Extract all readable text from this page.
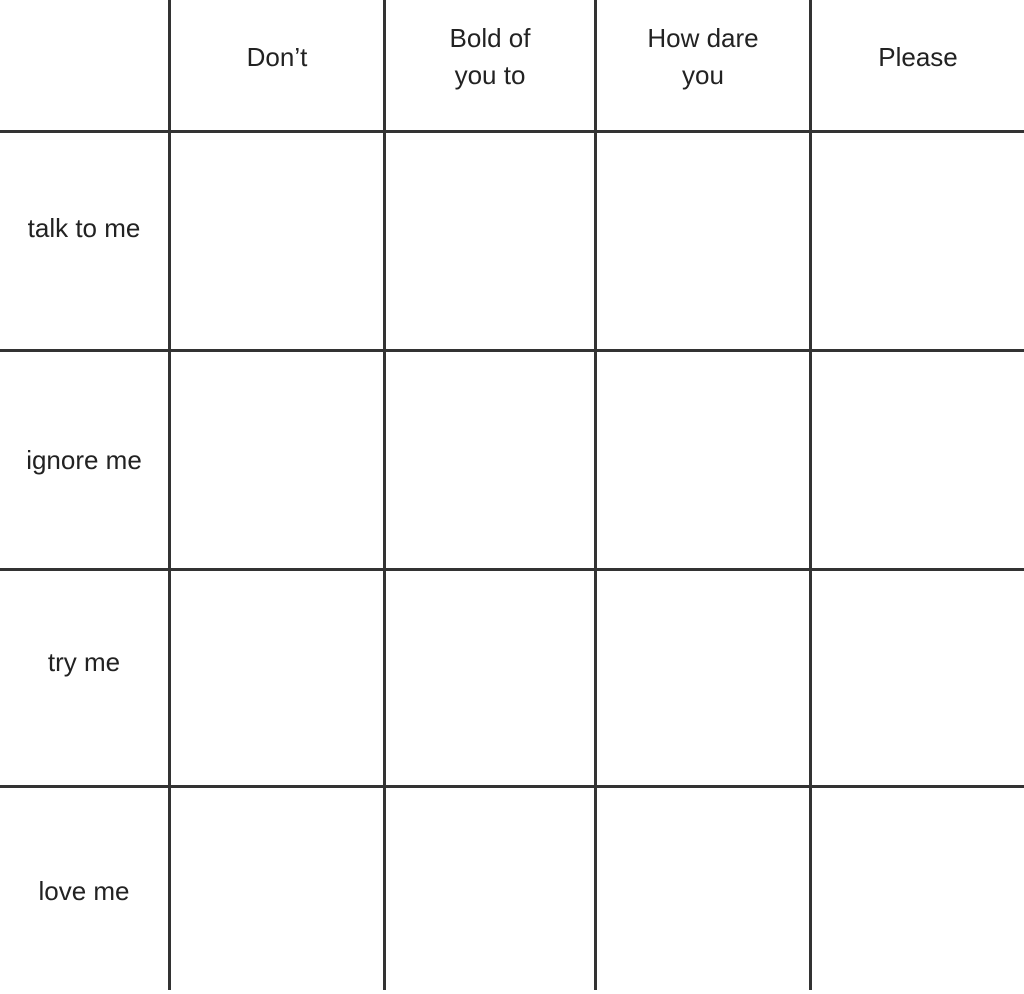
Don’t
Bold of
you to
How dare
you
Please
talk to me
ignore me
try me
love me
